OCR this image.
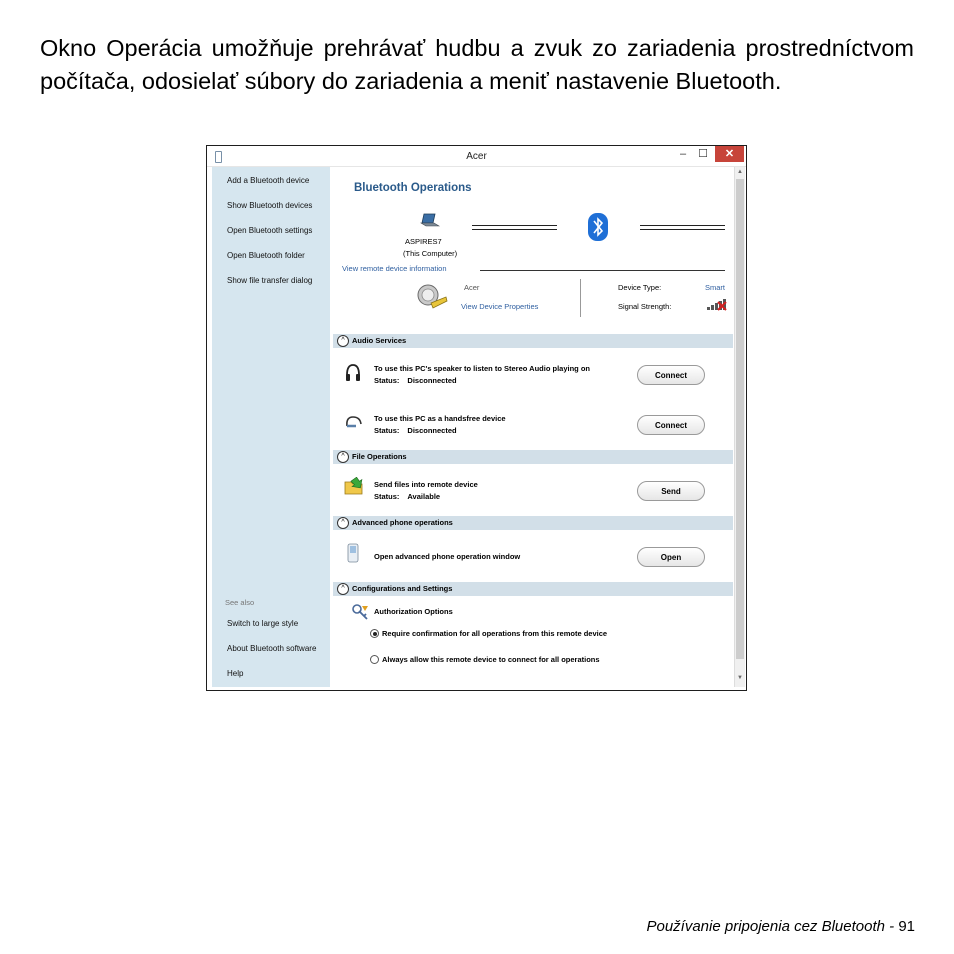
Okno Operácia umožňuje prehrávať hudbu a zvuk zo zariadenia prostredníctvom počítača, odosielať súbory do zariadenia a meniť nastavenie Bluetooth.

Acer	–	☐	✕
Add a Bluetooth device
Show Bluetooth devices
Open Bluetooth settings
Open Bluetooth folder
Show file transfer dialog
See also
Switch to large style
About Bluetooth software
Help
Bluetooth Operations
ASPIRES7
(This Computer)
View remote device information
Acer
View Device Properties
Device Type:	Smart
Signal Strength:
^ Audio Services
To use this PC's speaker to listen to Stereo Audio playing on
Status: Disconnected
Connect
To use this PC as a handsfree device
Status: Disconnected
Connect
^ File Operations
Send files into remote device
Status: Available
Send
^ Advanced phone operations
Open advanced phone operation window	Open
^ Configurations and Settings
Authorization Options
Require confirmation for all operations from this remote device
Always allow this remote device to connect for all operations
▲
▼
Používanie pripojenia cez Bluetooth - 91
